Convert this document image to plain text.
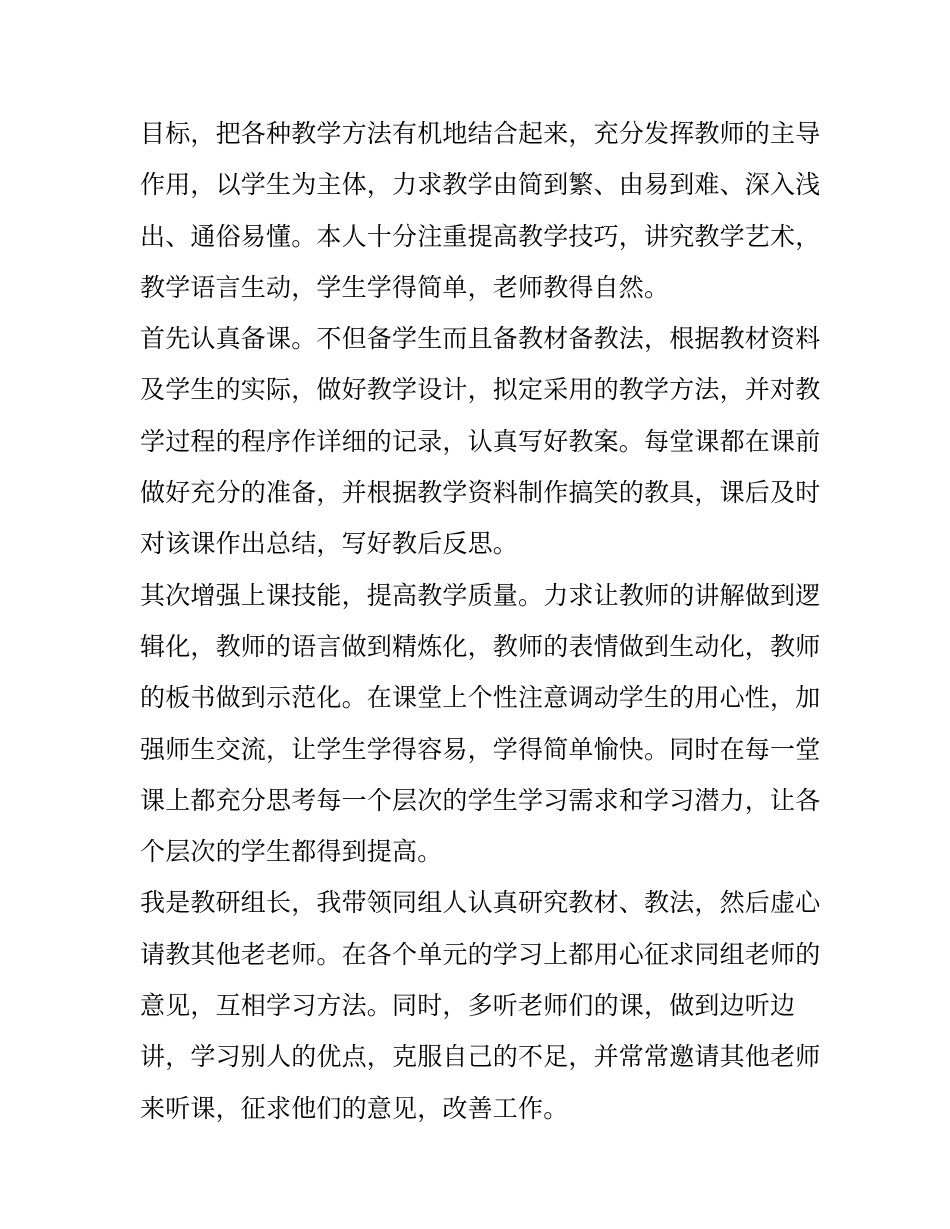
目标，把各种教学方法有机地结合起来，充分发挥教师的主导
作用，以学生为主体，力求教学由简到繁、由易到难、深入浅
出、通俗易懂。本人十分注重提高教学技巧，讲究教学艺术，
教学语言生动，学生学得简单，老师教得自然。
首先认真备课。不但备学生而且备教材备教法，根据教材资料
及学生的实际，做好教学设计，拟定采用的教学方法，并对教
学过程的程序作详细的记录，认真写好教案。每堂课都在课前
做好充分的准备，并根据教学资料制作搞笑的教具，课后及时
对该课作出总结，写好教后反思。
其次增强上课技能，提高教学质量。力求让教师的讲解做到逻
辑化，教师的语言做到精炼化，教师的表情做到生动化，教师
的板书做到示范化。在课堂上个性注意调动学生的用心性，加
强师生交流，让学生学得容易，学得简单愉快。同时在每一堂
课上都充分思考每一个层次的学生学习需求和学习潜力，让各
个层次的学生都得到提高。
我是教研组长，我带领同组人认真研究教材、教法，然后虚心
请教其他老老师。在各个单元的学习上都用心征求同组老师的
意见，互相学习方法。同时，多听老师们的课，做到边听边
讲，学习别人的优点，克服自己的不足，并常常邀请其他老师
来听课，征求他们的意见，改善工作。
